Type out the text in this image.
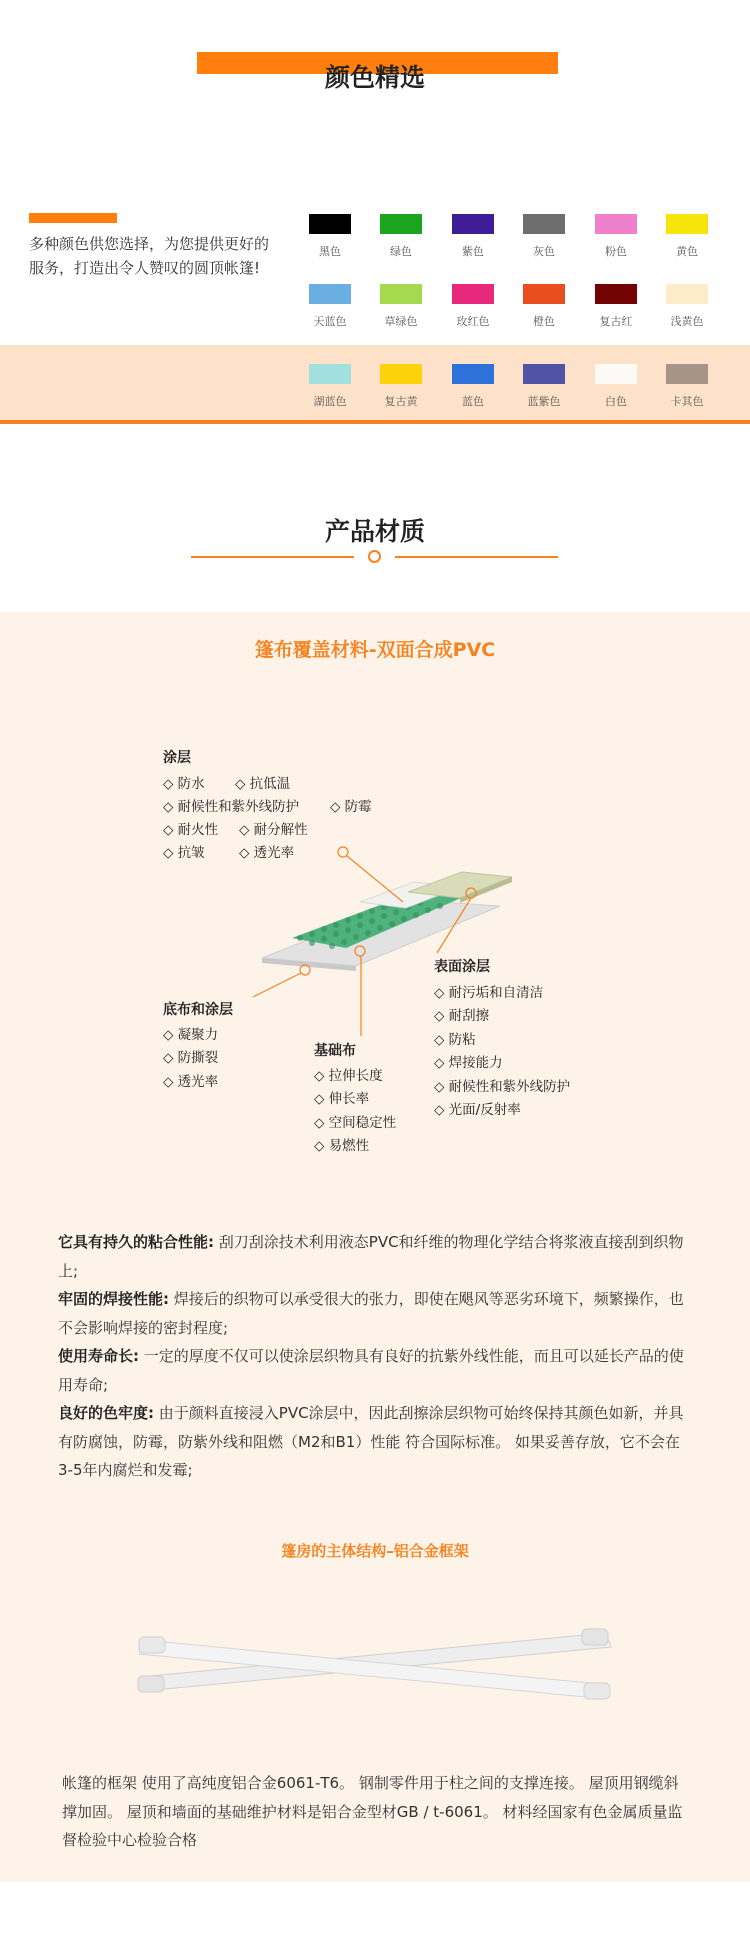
颜色精选
多种颜色供您选择，为您提供更好的服务，打造出令人赞叹的圆顶帐篷!
黑色	绿色	紫色	灰色	粉色	黄色
天蓝色	草绿色	玫红色	橙色	复古红	浅黄色
湖蓝色	复古黄	蓝色	蓝紫色	白色	卡其色
产品材质
篷布覆盖材料-双面合成PVC
涂层
◇ 防水 ◇ 抗低温
◇ 耐候性和紫外线防护 ◇ 防霉
◇ 耐火性 ◇ 耐分解性
◇ 抗皱	◇ 透光率
表面涂层
◇ 耐污垢和自清洁
◇ 耐刮擦
◇ 防粘
◇ 焊接能力
◇ 耐候性和紫外线防护
◇ 光面/反射率
底布和涂层
◇ 凝聚力
◇ 防撕裂
◇ 透光率
基础布
◇ 拉伸长度
◇ 伸长率
◇ 空间稳定性
◇ 易燃性

它具有持久的粘合性能: 刮刀刮涂技术利用液态PVC和纤维的物理化学结合将浆液直接刮到织物上;

牢固的焊接性能: 焊接后的织物可以承受很大的张力，即使在飓风等恶劣环境下，频繁操作，也不会影响焊接的密封程度;

使用寿命长: 一定的厚度不仅可以使涂层织物具有良好的抗紫外线性能，而且可以延长产品的使用寿命;

良好的色牢度: 由于颜料直接浸入PVC涂层中，因此刮擦涂层织物可始终保持其颜色如新，并具有防腐蚀，防霉，防紫外线和阻燃（M2和B1）性能 符合国际标准。 如果妥善存放，它不会在3-5年内腐烂和发霉;

篷房的主体结构–铝合金框架
帐篷的框架 使用了高纯度铝合金6061-T6。 钢制零件用于柱之间的支撑连接。 屋顶用钢缆斜撑加固。 屋顶和墙面的基础维护材料是铝合金型材GB / t-6061。 材料经国家有色金属质量监督检验中心检验合格
